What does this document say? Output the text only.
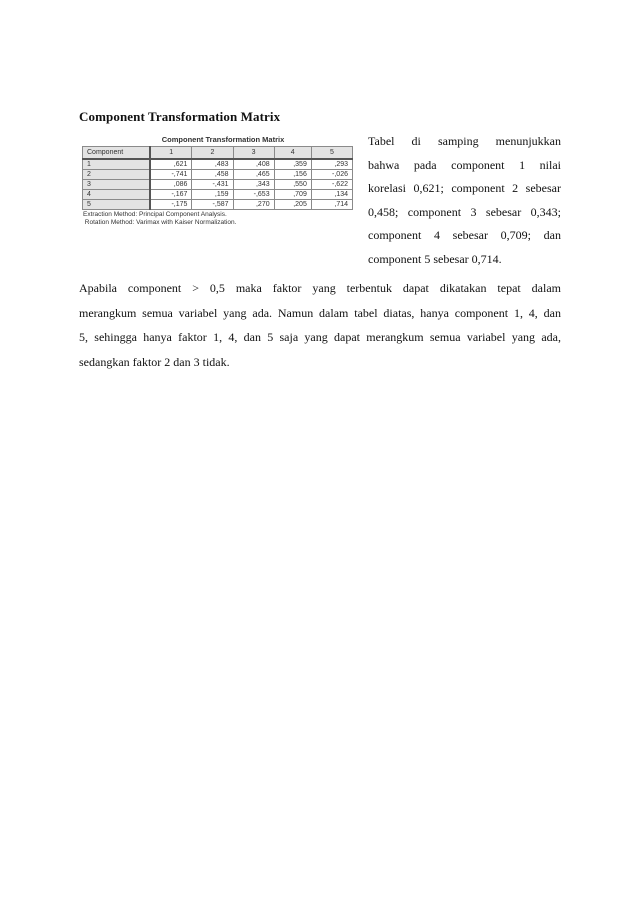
Component Transformation Matrix
Component Transformation Matrix
Component	1	2	3	4	5
1	,621	,483	,408	,359	,293
2	-,741	,458	,465	,156	-,026
3	,086	-,431	,343	,550	-,622
4	-,167	,159	-,653	,709	,134
5	-,175	-,587	,270	,205	,714
Extraction Method: Principal Component Analysis.
Rotation Method: Varimax with Kaiser Normalization.

Tabel di samping menunjukkan
bahwa pada component 1 nilai
korelasi 0,621; component 2 sebesar
0,458; component 3 sebesar 0,343;
component 4 sebesar 0,709; dan
component 5 sebesar 0,714.

Apabila component > 0,5 maka faktor yang terbentuk dapat dikatakan tepat dalam
merangkum semua variabel yang ada. Namun dalam tabel diatas, hanya component 1, 4, dan
5, sehingga hanya faktor 1, 4, dan 5 saja yang dapat merangkum semua variabel yang ada,
sedangkan faktor 2 dan 3 tidak.
